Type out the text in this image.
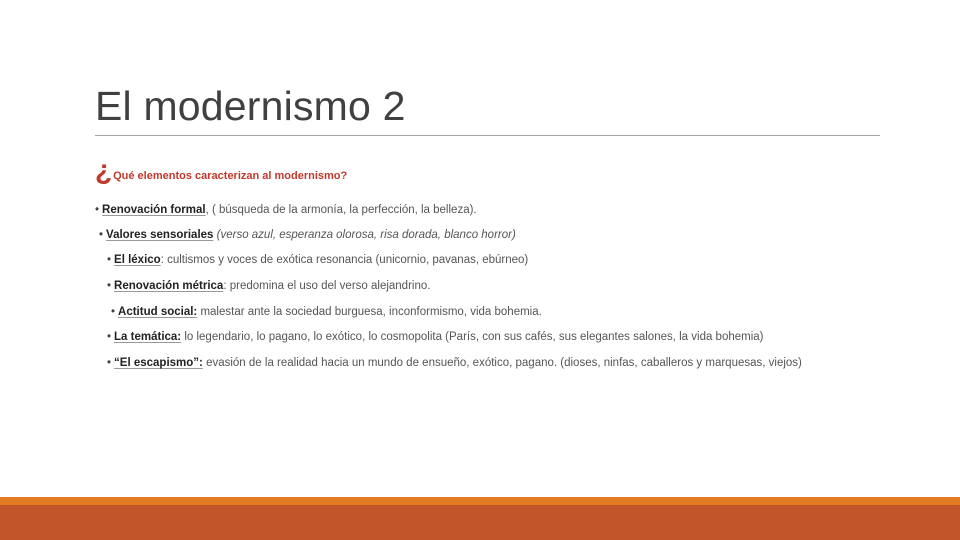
El modernismo 2
¿ Qué elementos caracterizan al modernismo?
• Renovación formal, ( búsqueda de la armonía, la perfección, la belleza).
• Valores sensoriales (verso azul, esperanza olorosa, risa dorada, blanco horror)
• El léxico: cultismos y voces de exótica resonancia (unicornio, pavanas, ebúrneo)
• Renovación métrica: predomina el uso del verso alejandrino.
• Actitud social: malestar ante la sociedad burguesa, inconformismo, vida bohemia.
• La temática: lo legendario, lo pagano, lo exótico, lo cosmopolita (París, con sus cafés, sus elegantes salones, la vida bohemia)
• “El escapismo”: evasión de la realidad hacia un mundo de ensueño, exótico, pagano. (dioses, ninfas, caballeros y marquesas, viejos)
